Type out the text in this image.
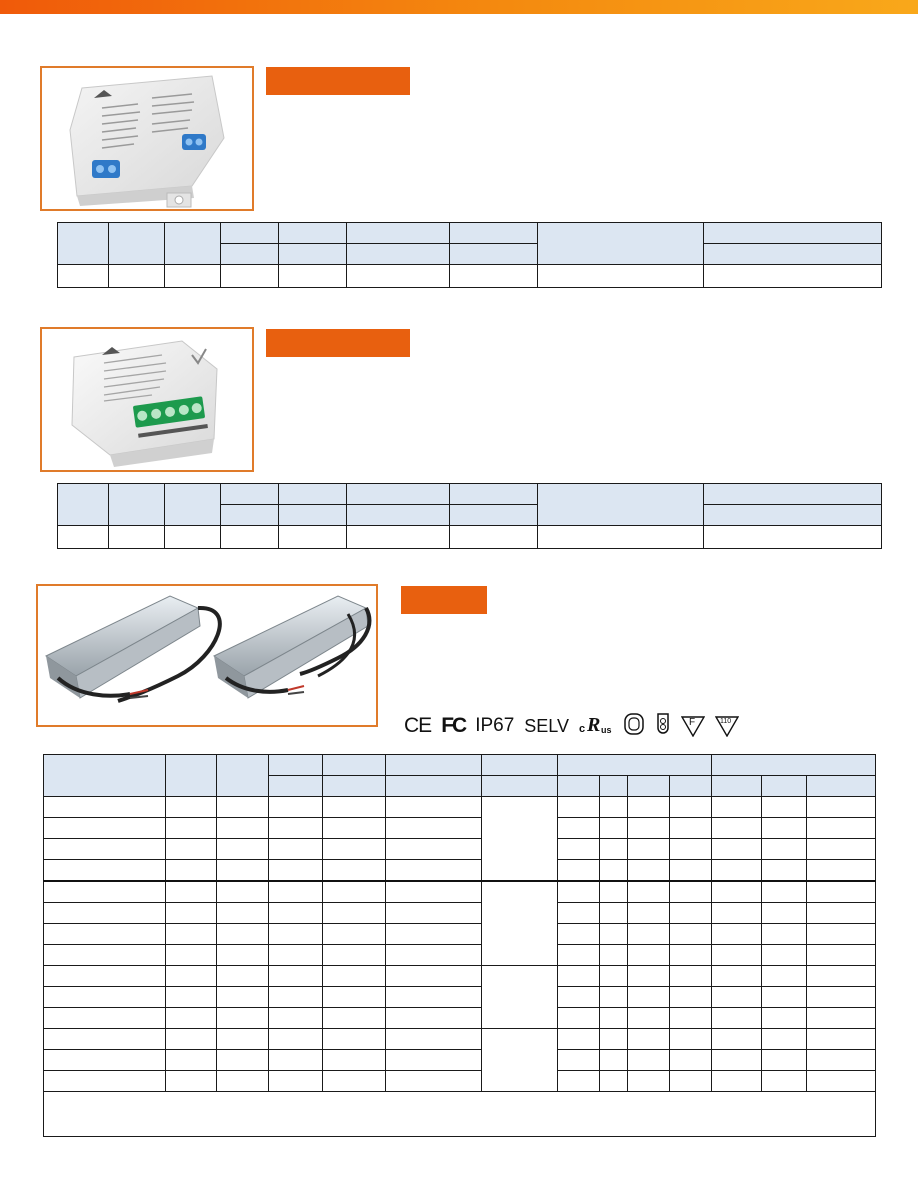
CE FC IP67 SELV c R us
F	110
